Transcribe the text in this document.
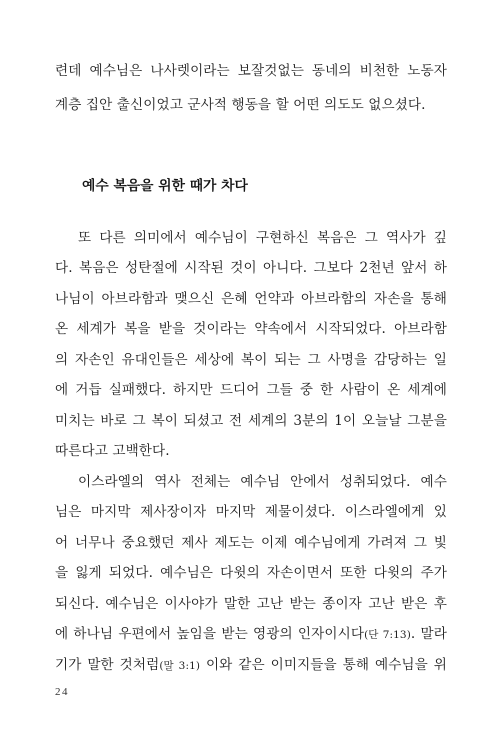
련데 예수님은 나사렛이라는 보잘것없는 동네의 비천한 노동자

계층 집안 출신이었고 군사적 행동을 할 어떤 의도도 없으셨다.

예수 복음을 위한 때가 차다

또 다른 의미에서 예수님이 구현하신 복음은 그 역사가 깊

다. 복음은 성탄절에 시작된 것이 아니다. 그보다 2천년 앞서 하

나님이 아브라함과 맺으신 은혜 언약과 아브라함의 자손을 통해

온 세계가 복을 받을 것이라는 약속에서 시작되었다. 아브라함

의 자손인 유대인들은 세상에 복이 되는 그 사명을 감당하는 일

에 거듭 실패했다. 하지만 드디어 그들 중 한 사람이 온 세계에

미치는 바로 그 복이 되셨고 전 세계의 3분의 1이 오늘날 그분을

따른다고 고백한다.

이스라엘의 역사 전체는 예수님 안에서 성취되었다. 예수

님은 마지막 제사장이자 마지막 제물이셨다. 이스라엘에게 있

어 너무나 중요했던 제사 제도는 이제 예수님에게 가려져 그 빛

을 잃게 되었다. 예수님은 다윗의 자손이면서 또한 다윗의 주가

되신다. 예수님은 이사야가 말한 고난 받는 종이자 고난 받은 후

에 하나님 우편에서 높임을 받는 영광의 인자이시다(단 7:13). 말라

기가 말한 것처럼(말 3:1) 이와 같은 이미지들을 통해 예수님을 위

24
